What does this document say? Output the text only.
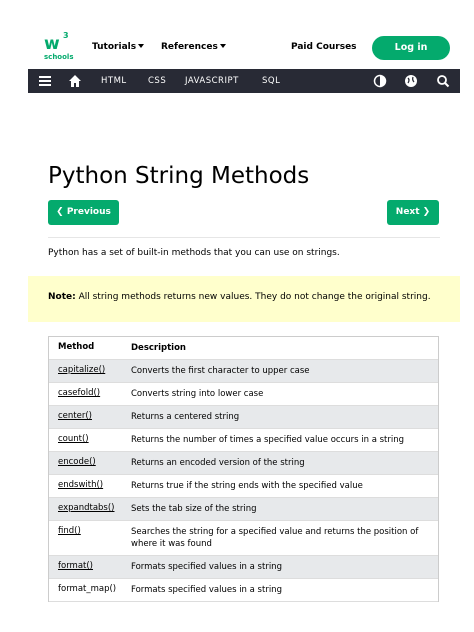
w 3
schools
Tutorials	References	Paid Courses	Log in
HTML	CSS JAVASCRIPT	SQL
Python String Methods
❮ Previous	Next ❯

Python has a set of built-in methods that you can use on strings.

Note: All string methods returns new values. They do not change the original string.

Method	Description
capitalize()	Converts the first character to upper case
casefold()	Converts string into lower case
center()	Returns a centered string
count()	Returns the number of times a specified value occurs in a string
encode()	Returns an encoded version of the string
endswith()	Returns true if the string ends with the specified value
expandtabs()	Sets the tab size of the string
find()	Searches the string for a specified value and returns the position of where it was found
format()	Formats specified values in a string
format_map()	Formats specified values in a string
